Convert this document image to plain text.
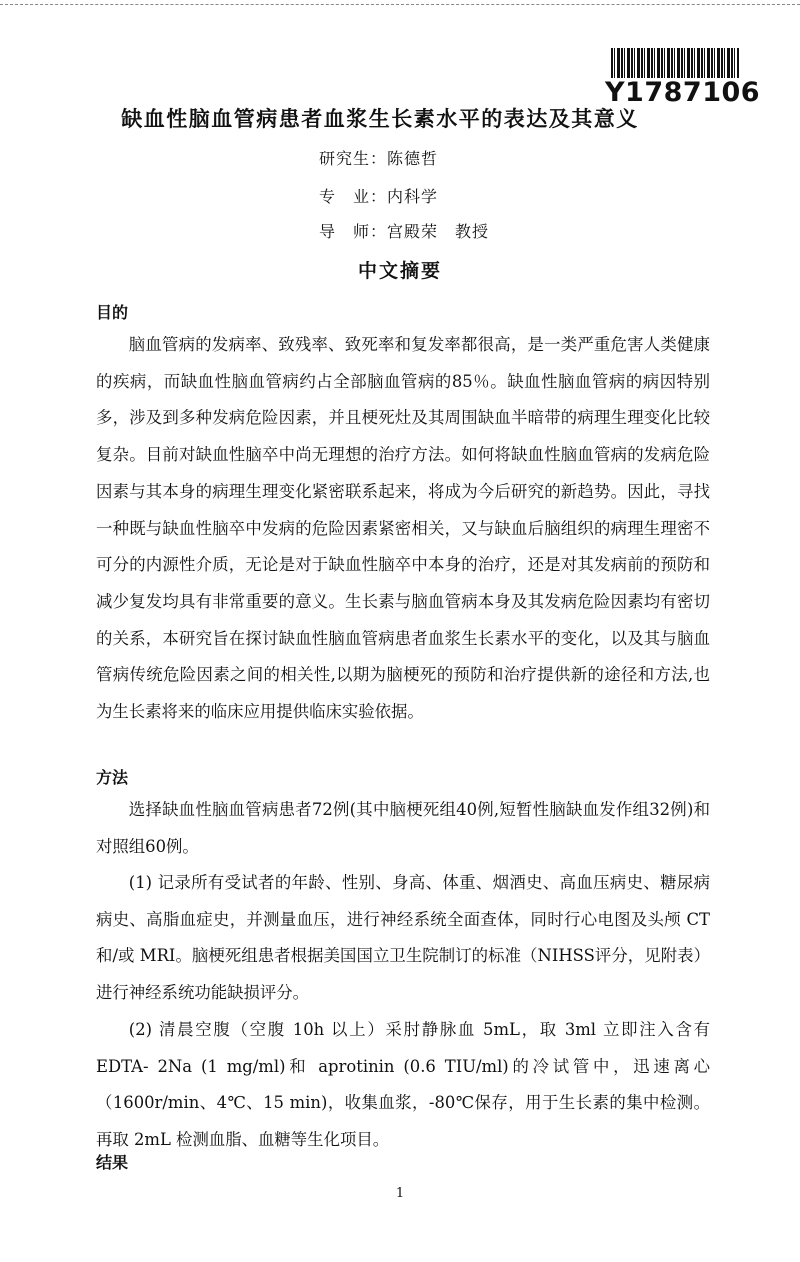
Y1787106
缺血性脑血管病患者血浆生长素水平的表达及其意义
研究生：陈德哲
专　业：内科学
导　师：宫殿荣　教授
中文摘要
目的

脑血管病的发病率、致残率、致死率和复发率都很高，是一类严重危害人类健康的疾病，而缺血性脑血管病约占全部脑血管病的85％。缺血性脑血管病的病因特别多，涉及到多种发病危险因素，并且梗死灶及其周围缺血半暗带的病理生理变化比较复杂。目前对缺血性脑卒中尚无理想的治疗方法。如何将缺血性脑血管病的发病危险因素与其本身的病理生理变化紧密联系起来，将成为今后研究的新趋势。因此，寻找一种既与缺血性脑卒中发病的危险因素紧密相关，又与缺血后脑组织的病理生理密不可分的内源性介质，无论是对于缺血性脑卒中本身的治疗，还是对其发病前的预防和减少复发均具有非常重要的意义。生长素与脑血管病本身及其发病危险因素均有密切的关系，本研究旨在探讨缺血性脑血管病患者血浆生长素水平的变化，以及其与脑血管病传统危险因素之间的相关性,以期为脑梗死的预防和治疗提供新的途径和方法,也为生长素将来的临床应用提供临床实验依据。

方法

选择缺血性脑血管病患者72例(其中脑梗死组40例,短暂性脑缺血发作组32例)和对照组60例。

(1) 记录所有受试者的年龄、性别、身高、体重、烟酒史、高血压病史、糖尿病病史、高脂血症史，并测量血压，进行神经系统全面查体，同时行心电图及头颅 CT 和/或 MRI。脑梗死组患者根据美国国立卫生院制订的标准（NIHSS评分，见附表）进行神经系统功能缺损评分。

(2) 清晨空腹（空腹 10h 以上）采肘静脉血 5mL，取 3ml 立即注入含有 EDTA- 2Na (1 mg/ml)和 aprotinin (0.6 TIU/ml)的冷试管中，迅速离心（1600r/min、4℃、15 min)，收集血浆，-80℃保存，用于生长素的集中检测。再取 2mL 检测血脂、血糖等生化项目。

结果
1
